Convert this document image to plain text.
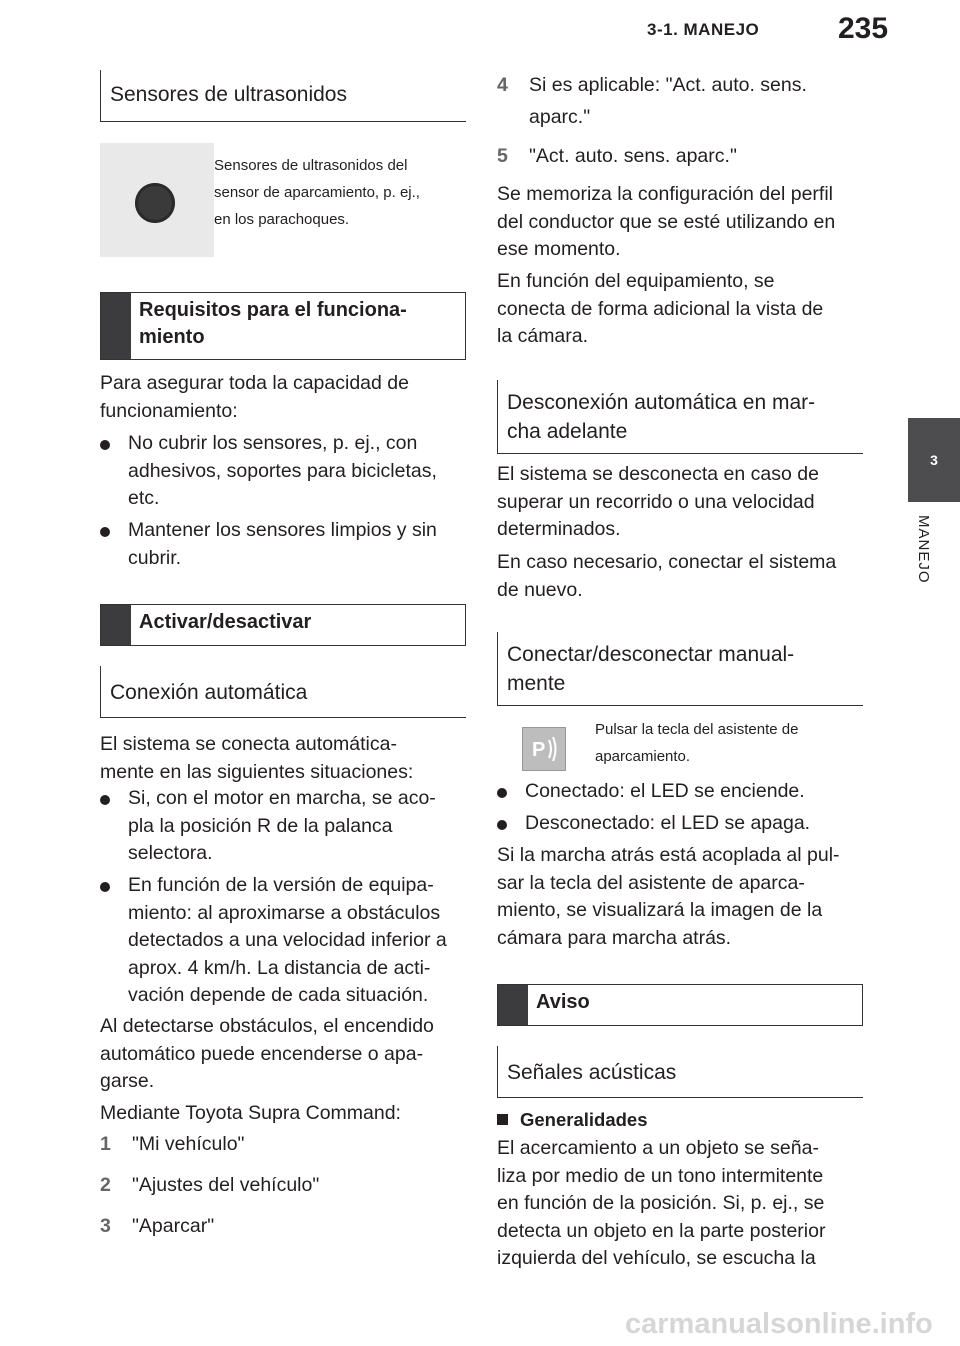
3-1. MANEJO	235
3
MANEJO
Sensores de ultrasonidos
Sensores de ultrasonidos del
sensor de aparcamiento, p. ej.,
en los parachoques.
Requisitos para el funciona-
miento
Para asegurar toda la capacidad de
funcionamiento:
No cubrir los sensores, p. ej., con
adhesivos, soportes para bicicletas,
etc.
Mantener los sensores limpios y sin
cubrir.
Activar/desactivar
Conexión automática
El sistema se conecta automática-
mente en las siguientes situaciones:
Si, con el motor en marcha, se aco-
pla la posición R de la palanca
selectora.
En función de la versión de equipa-
miento: al aproximarse a obstáculos
detectados a una velocidad inferior a
aprox. 4 km/h. La distancia de acti-
vación depende de cada situación.
Al detectarse obstáculos, el encendido
automático puede encenderse o apa-
garse.
Mediante Toyota Supra Command:
1 "Mi vehículo"
2 "Ajustes del vehículo"
3 "Aparcar"
4 Si es aplicable: "Act. auto. sens.
aparc."
5 "Act. auto. sens. aparc."
Se memoriza la configuración del perfil
del conductor que se esté utilizando en
ese momento.
En función del equipamiento, se
conecta de forma adicional la vista de
la cámara.
Desconexión automática en mar-
cha adelante
El sistema se desconecta en caso de
superar un recorrido o una velocidad
determinados.
En caso necesario, conectar el sistema
de nuevo.
Conectar/desconectar manual-
mente
P
Pulsar la tecla del asistente de
aparcamiento.
Conectado: el LED se enciende.
Desconectado: el LED se apaga.
Si la marcha atrás está acoplada al pul-
sar la tecla del asistente de aparca-
miento, se visualizará la imagen de la
cámara para marcha atrás.
Aviso
Señales acústicas
Generalidades
El acercamiento a un objeto se seña-
liza por medio de un tono intermitente
en función de la posición. Si, p. ej., se
detecta un objeto en la parte posterior
izquierda del vehículo, se escucha la
carmanualsonline.info
